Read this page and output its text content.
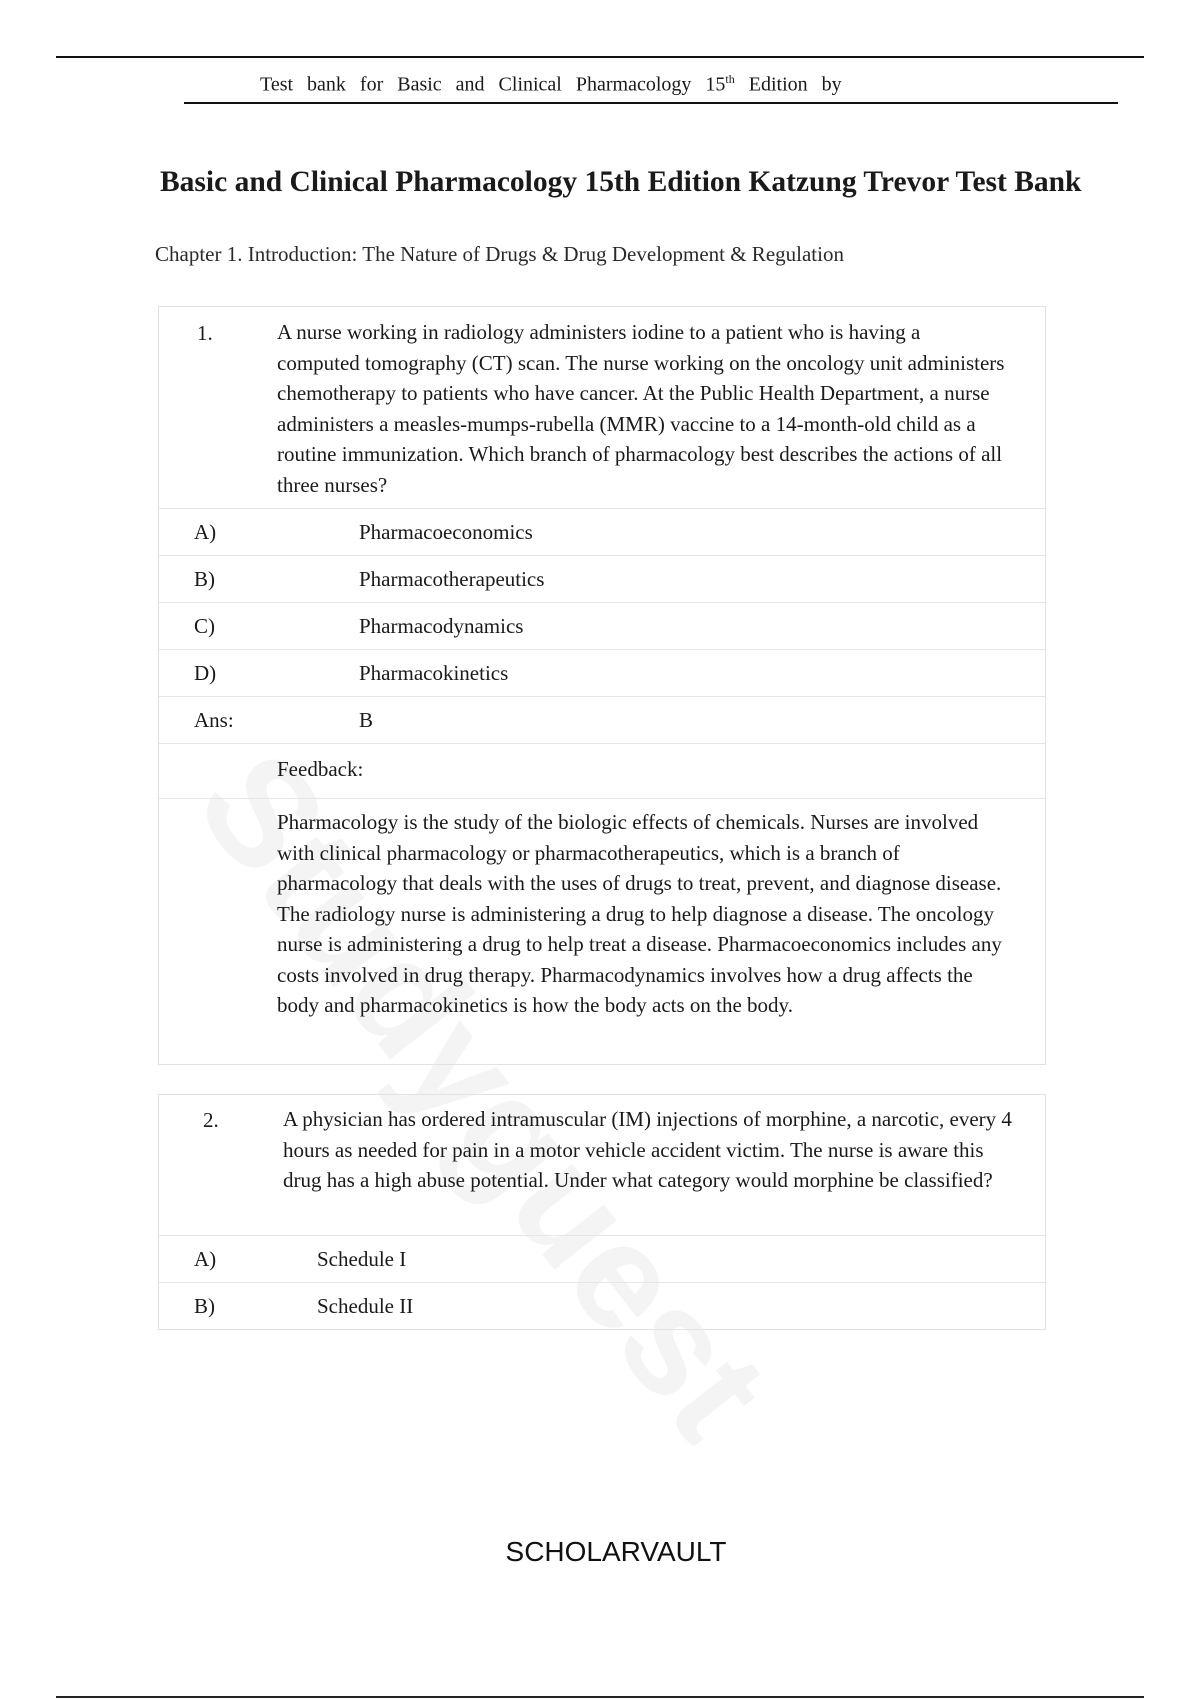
Test bank for Basic and Clinical Pharmacology 15th Edition by
Basic and Clinical Pharmacology 15th Edition Katzung Trevor Test Bank
Chapter 1. Introduction: The Nature of Drugs & Drug Development & Regulation
1.	A nurse working in radiology administers iodine to a patient who is having a computed tomography (CT) scan. The nurse working on the oncology unit administers chemotherapy to patients who have cancer. At the Public Health Department, a nurse administers a measles-mumps-rubella (MMR) vaccine to a 14-month-old child as a routine immunization. Which branch of pharmacology best describes the actions of all three nurses?
A)	Pharmacoeconomics
B)	Pharmacotherapeutics
C)	Pharmacodynamics
D)	Pharmacokinetics
Ans:	B
Feedback:
Pharmacology is the study of the biologic effects of chemicals. Nurses are involved with clinical pharmacology or pharmacotherapeutics, which is a branch of pharmacology that deals with the uses of drugs to treat, prevent, and diagnose disease. The radiology nurse is administering a drug to help diagnose a disease. The oncology nurse is administering a drug to help treat a disease. Pharmacoeconomics includes any costs involved in drug therapy. Pharmacodynamics involves how a drug affects the body and pharmacokinetics is how the body acts on the body.
2.	A physician has ordered intramuscular (IM) injections of morphine, a narcotic, every 4 hours as needed for pain in a motor vehicle accident victim. The nurse is aware this drug has a high abuse potential. Under what category would morphine be classified?
A)	Schedule I
B)	Schedule II
SCHOLARVAULT
